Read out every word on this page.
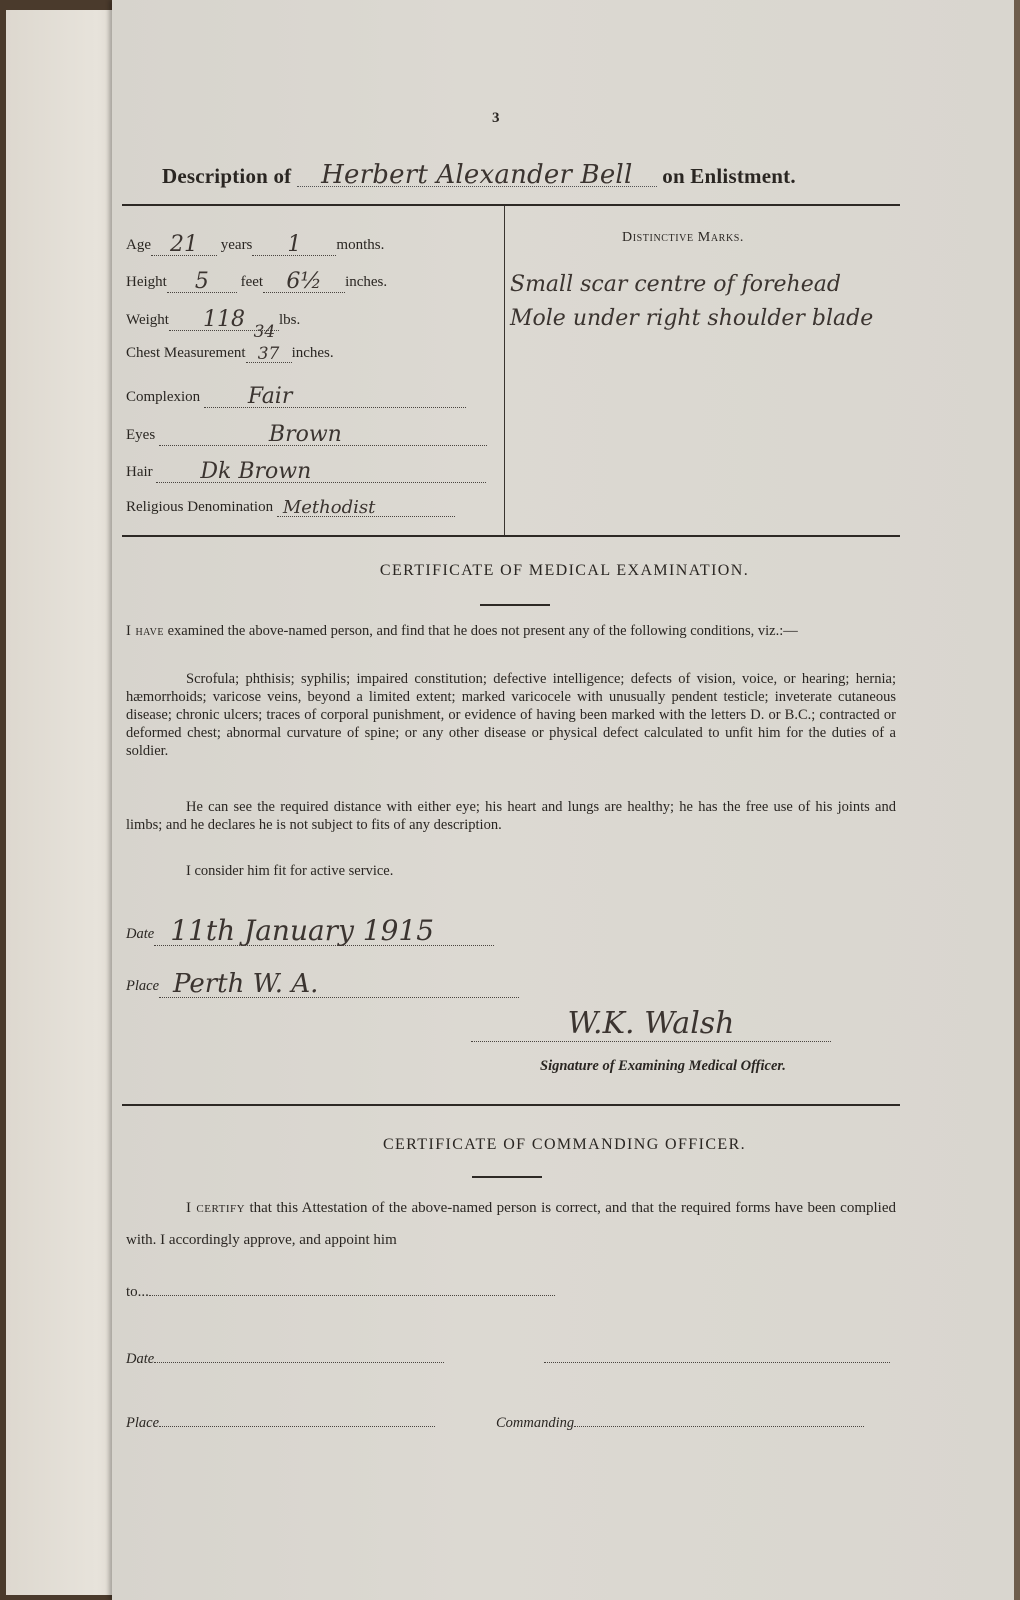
3
Description of Herbert Alexander Bell on Enlistment.
Age 21 years 1 months.
Height 5 feet 6½ inches.
Weight 118 lbs.
Chest Measurement
34
37 inches.
Complexion Fair
Eyes	Brown
Hair Dk Brown
Religious Denomination Methodist
Distinctive Marks.
Small scar centre of forehead
Mole under right shoulder blade
CERTIFICATE OF MEDICAL EXAMINATION.
I have examined the above-named person, and find that he does not present any of the following conditions, viz.:—
Scrofula; phthisis; syphilis; impaired constitution; defective intelligence; defects of vision, voice, or hearing; hernia; hæmorrhoids; varicose veins, beyond a limited extent; marked varicocele with unusually pendent testicle; inveterate cutaneous disease; chronic ulcers; traces of corporal punishment, or evidence of having been marked with the letters D. or B.C.; contracted or deformed chest; abnormal curvature of spine; or any other disease or physical defect calculated to unfit him for the duties of a soldier.
He can see the required distance with either eye; his heart and lungs are healthy; he has the free use of his joints and limbs; and he declares he is not subject to fits of any description.
I consider him fit for active service.
Date 11th January 1915
Place Perth W. A.
W.K. Walsh
Signature of Examining Medical Officer.
CERTIFICATE OF COMMANDING OFFICER.
I certify that this Attestation of the above-named person is correct, and that the required forms have been complied with. I accordingly approve, and appoint him
to...
Date
Place	Commanding
